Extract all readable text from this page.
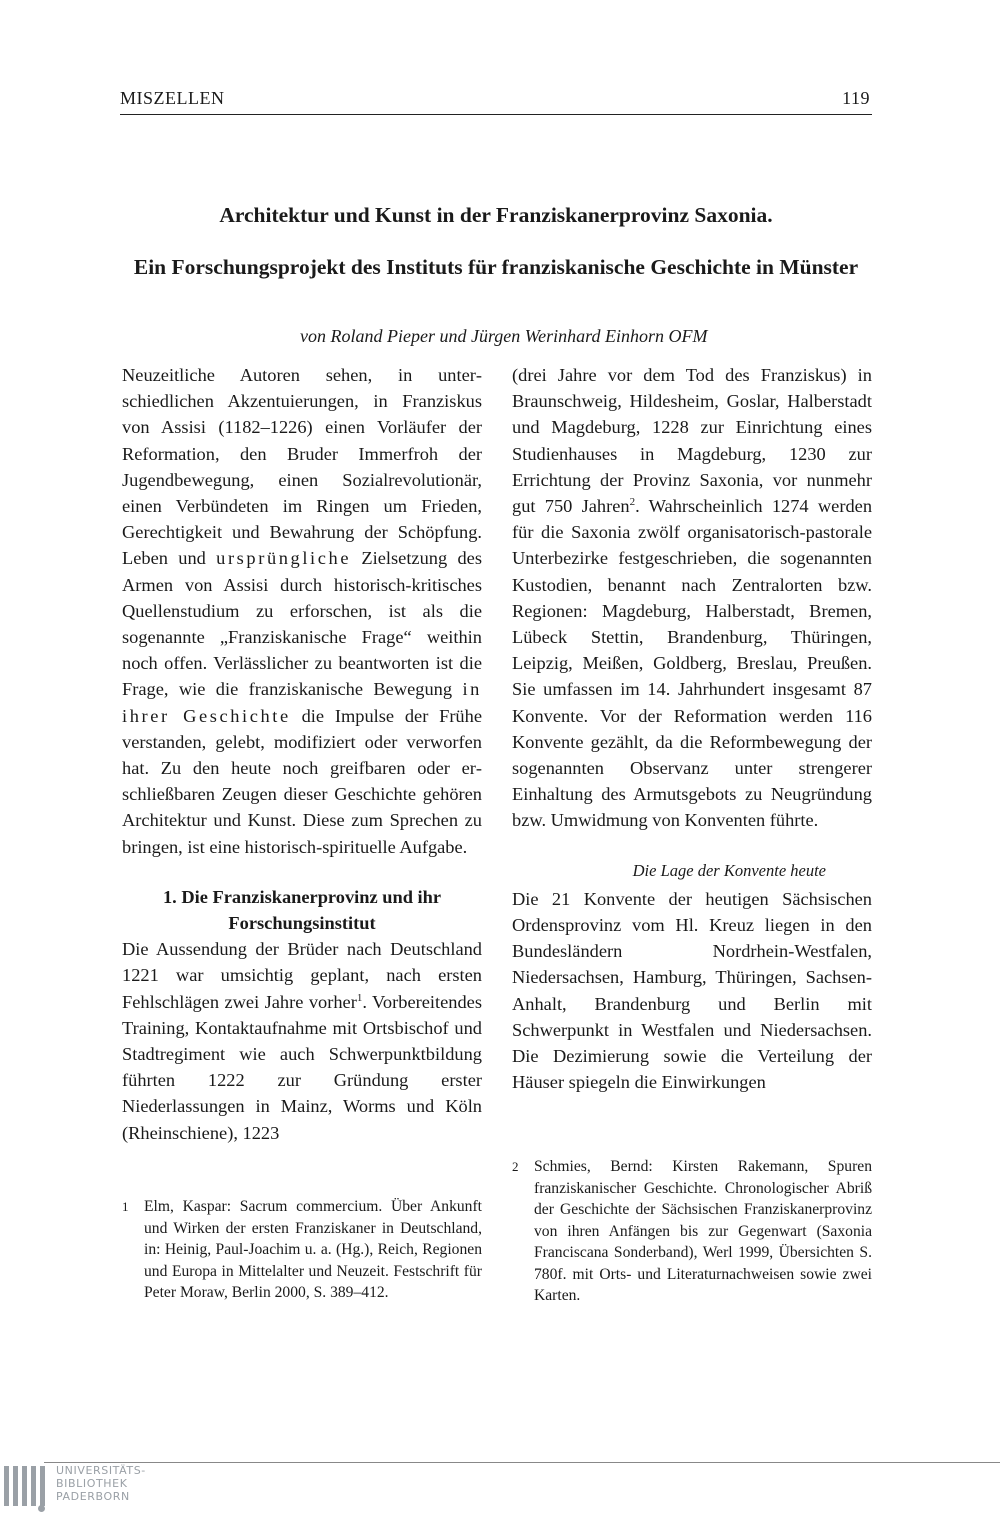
MISZELLEN	119
Architektur und Kunst in der Franziskanerprovinz Saxonia.
Ein Forschungsprojekt des Instituts für franziskanische Geschichte in Münster
von Roland Pieper und Jürgen Werinhard Einhorn OFM

Neuzeitliche Autoren sehen, in unterschiedlichen Akzentuierungen, in Franziskus von Assisi (1182–1226) einen Vorläufer der Reformation, den Bruder Immerfroh der Jugendbewegung, einen Sozialrevolutionär, einen Verbündeten im Ringen um Frieden, Gerechtigkeit und Bewahrung der Schöpfung. Leben und ursprüngliche Zielsetzung des Armen von Assisi durch historisch-kritisches Quellenstudium zu erforschen, ist als die sogenannte „Franziskanische Frage“ weithin noch offen. Verlässlicher zu beantworten ist die Frage, wie die franziskanische Bewegung in ihrer Geschichte die Impulse der Frühe verstanden, gelebt, modifiziert oder verworfen hat. Zu den heute noch greifbaren oder erschließbaren Zeugen dieser Geschichte gehören Architektur und Kunst. Diese zum Sprechen zu bringen, ist eine historisch-spirituelle Aufgabe.

1. Die Franziskanerprovinz und ihr Forschungsinstitut

Die Aussendung der Brüder nach Deutschland 1221 war umsichtig geplant, nach ersten Fehlschlägen zwei Jahre vorher$^1$. Vorbereitendes Training, Kontaktaufnahme mit Ortsbischof und Stadtregiment wie auch Schwerpunktbildung führten 1222 zur Gründung erster Niederlassungen in Mainz, Worms und Köln (Rheinschiene), 1223

(drei Jahre vor dem Tod des Franziskus) in Braunschweig, Hildesheim, Goslar, Halberstadt und Magdeburg, 1228 zur Einrichtung eines Studienhauses in Magdeburg, 1230 zur Errichtung der Provinz Saxonia, vor nunmehr gut 750 Jahren$^2$. Wahrscheinlich 1274 werden für die Saxonia zwölf organisatorisch-pastorale Unterbezirke festgeschrieben, die sogenannten Kustodien, benannt nach Zentralorten bzw. Regionen: Magdeburg, Halberstadt, Bremen, Lübeck Stettin, Brandenburg, Thüringen, Leipzig, Meißen, Goldberg, Breslau, Preußen. Sie umfassen im 14. Jahrhundert insgesamt 87 Konvente. Vor der Reformation werden 116 Konvente gezählt, da die Reformbewegung der sogenannten Observanz unter strengerer Einhaltung des Armutsgebots zu Neugründung bzw. Umwidmung von Konventen führte.

Die Lage der Konvente heute

Die 21 Konvente der heutigen Sächsischen Ordensprovinz vom Hl. Kreuz liegen in den Bundesländern Nordrhein-Westfalen, Niedersachsen, Hamburg, Thüringen, Sachsen-Anhalt, Brandenburg und Berlin mit Schwerpunkt in Westfalen und Niedersachsen. Die Dezimierung sowie die Verteilung der Häuser spiegeln die Einwirkungen

1 Elm, Kaspar: Sacrum commercium. Über Ankunft und Wirken der ersten Franziskaner in Deutschland, in: Heinig, Paul-Joachim u. a. (Hg.), Reich, Regionen und Europa in Mittelalter und Neuzeit. Festschrift für Peter Moraw, Berlin 2000, S. 389–412.
2 Schmies, Bernd: Kirsten Rakemann, Spuren franziskanischer Geschichte. Chronologischer Abriß der Geschichte der Sächsischen Franziskanerprovinz von ihren Anfängen bis zur Gegenwart (Saxonia Franciscana Sonderband), Werl 1999, Übersichten S. 780f. mit Orts- und Literaturnachweisen sowie zwei Karten.
UNIVERSITÄTS-
BIBLIOTHEK
PADERBORN
